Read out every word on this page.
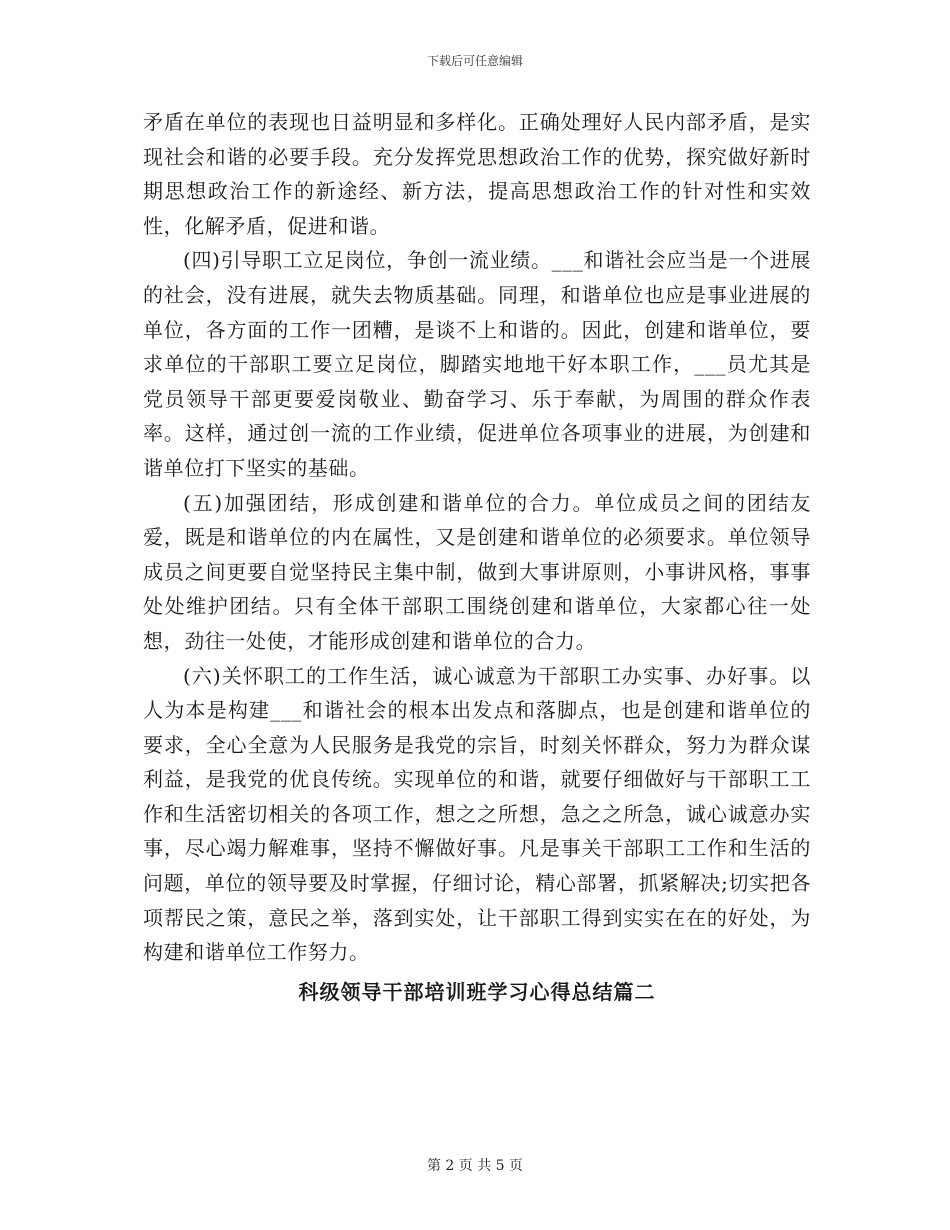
下载后可任意编辑

矛盾在单位的表现也日益明显和多样化。正确处理好人民内部矛盾，是实现社会和谐的必要手段。充分发挥党思想政治工作的优势，探究做好新时期思想政治工作的新途经、新方法，提高思想政治工作的针对性和实效性，化解矛盾，促进和谐。

(四)引导职工立足岗位，争创一流业绩。___和谐社会应当是一个进展的社会，没有进展，就失去物质基础。同理，和谐单位也应是事业进展的单位，各方面的工作一团糟，是谈不上和谐的。因此，创建和谐单位，要求单位的干部职工要立足岗位，脚踏实地地干好本职工作，___员尤其是党员领导干部更要爱岗敬业、勤奋学习、乐于奉献，为周围的群众作表率。这样，通过创一流的工作业绩，促进单位各项事业的进展，为创建和谐单位打下坚实的基础。

(五)加强团结，形成创建和谐单位的合力。单位成员之间的团结友爱，既是和谐单位的内在属性，又是创建和谐单位的必须要求。单位领导成员之间更要自觉坚持民主集中制，做到大事讲原则，小事讲风格，事事处处维护团结。只有全体干部职工围绕创建和谐单位，大家都心往一处想，劲往一处使，才能形成创建和谐单位的合力。

(六)关怀职工的工作生活，诚心诚意为干部职工办实事、办好事。以人为本是构建___和谐社会的根本出发点和落脚点，也是创建和谐单位的要求，全心全意为人民服务是我党的宗旨，时刻关怀群众，努力为群众谋利益，是我党的优良传统。实现单位的和谐，就要仔细做好与干部职工工作和生活密切相关的各项工作，想之之所想，急之之所急，诚心诚意办实事，尽心竭力解难事，坚持不懈做好事。凡是事关干部职工工作和生活的问题，单位的领导要及时掌握，仔细讨论，精心部署，抓紧解决;切实把各项帮民之策，意民之举，落到实处，让干部职工得到实实在在的好处，为构建和谐单位工作努力。

科级领导干部培训班学习心得总结篇二
第 2 页 共 5 页
